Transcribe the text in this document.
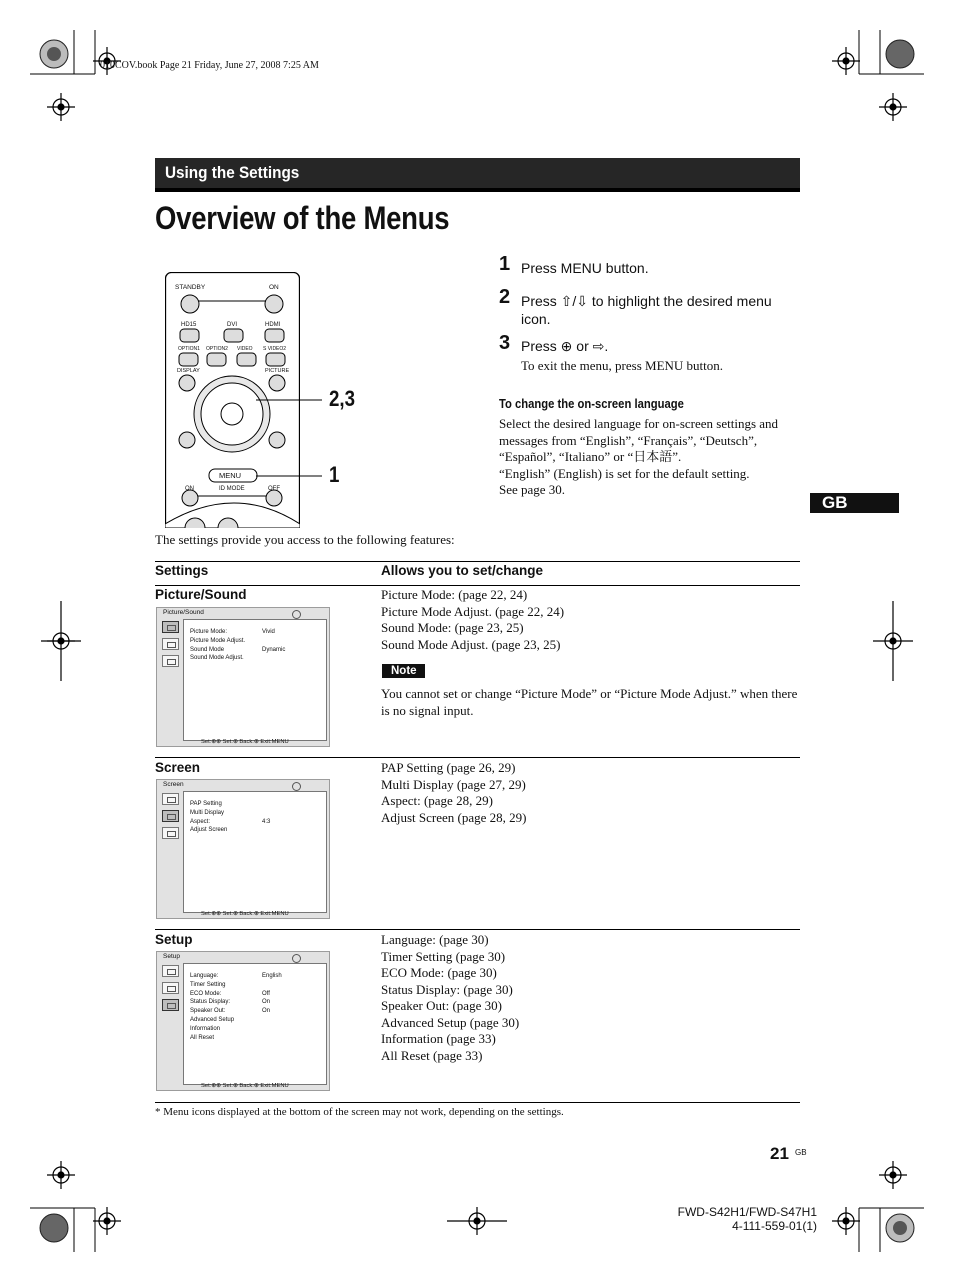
010COV.book Page 21 Friday, June 27, 2008 7:25 AM
Using the Settings
Overview of the Menus
GB
STANDBY	ON
HD15	DVI	HDMI
OPTION1 OPTION2 VIDEO S VIDEO2
DISPLAY	PICTURE
MENU
ON	ID MODE	OFF
2,3
1
1 Press MENU button.
2 Press ⇧/⇩ to highlight the desired menu icon.
3 Press ⊕ or ⇨.
To exit the menu, press MENU button.
To change the on-screen language
Select the desired language for on-screen settings and
messages from “English”, “Français”, “Deutsch”,
“Español”, “Italiano” or “日本語”.
“English” (English) is set for the default setting.
See page 30.
The settings provide you access to the following features:
Settings	Allows you to set/change
Picture/Sound
Picture/Sound
Picture Mode:
Picture Mode Adjust.
Sound Mode
Sound Mode Adjust.
Vivid
Dynamic
Set:⊕⊕ Set:⊕ Back:⊕ Exit:MENU
Picture Mode: (page 22, 24)
Picture Mode Adjust. (page 22, 24)
Sound Mode: (page 23, 25)
Sound Mode Adjust. (page 23, 25)
Note
You cannot set or change “Picture Mode” or “Picture Mode Adjust.” when there is no signal input.
Screen
Screen
PAP Setting
Multi Display
Aspect:
Adjust Screen
4:3
Set:⊕⊕ Set:⊕ Back:⊕ Exit:MENU
PAP Setting (page 26, 29)
Multi Display (page 27, 29)
Aspect: (page 28, 29)
Adjust Screen (page 28, 29)
Setup
Setup
Language:
Timer Setting
ECO Mode:
Status Display:
Speaker Out:
Advanced Setup
Information
All Reset
English
Off
On
On
Set:⊕⊕ Set:⊕ Back:⊕ Exit:MENU
Language: (page 30)
Timer Setting (page 30)
ECO Mode: (page 30)
Status Display: (page 30)
Speaker Out: (page 30)
Advanced Setup (page 30)
Information (page 33)
All Reset (page 33)
* Menu icons displayed at the bottom of the screen may not work, depending on the settings.
21 GB
FWD-S42H1/FWD-S47H1
4-111-559-01(1)
